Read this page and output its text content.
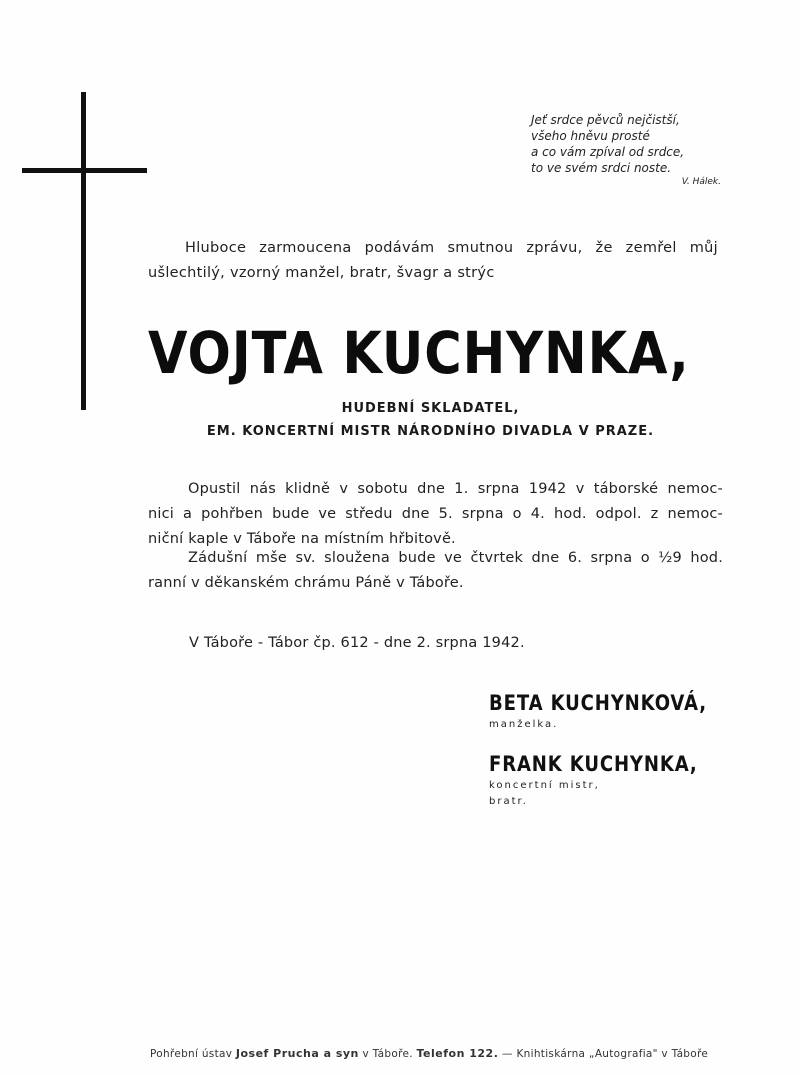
Jeť srdce pěvců nejčistší,
všeho hněvu prosté
a co vám zpíval od srdce,
to ve svém srdci noste.
V. Hálek.
Hluboce zarmoucena podávám smutnou zprávu, že zemřel můj
ušlechtilý, vzorný manžel, bratr, švagr a strýc
VOJTA KUCHYNKA,
HUDEBNÍ SKLADATEL,
EM. KONCERTNÍ MISTR NÁRODNÍHO DIVADLA V PRAZE.
Opustil nás klidně v sobotu dne 1. srpna 1942 v táborské nemoc-
nici a pohřben bude ve středu dne 5. srpna o 4. hod. odpol. z nemoc-
niční kaple v Táboře na místním hřbitově.
Zádušní mše sv. sloužena bude ve čtvrtek dne 6. srpna o ½9 hod.
ranní v děkanském chrámu Páně v Táboře.
V Táboře - Tábor čp. 612 - dne 2. srpna 1942.
BETA KUCHYNKOVÁ,
manželka.
FRANK KUCHYNKA,
koncertní mistr,
bratr.
Pohřební ústav Josef Prucha a syn v Táboře. Telefon 122. — Knihtiskárna „Autografia" v Táboře
